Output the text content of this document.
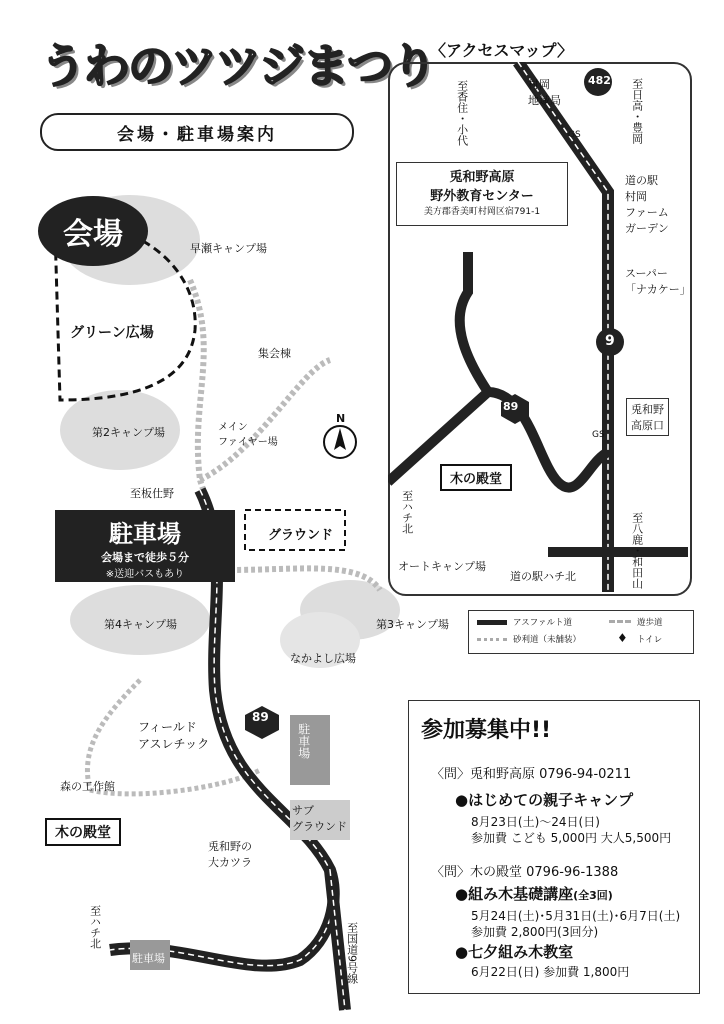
うわのツツジまつり
会場・駐車場案内
会場
グリーン広場
駐車場
会場まで徒歩５分
※送迎バスもあり
早瀬キャンプ場
集会棟
第2キャンプ場	メイン
ファイヤー場
至板仕野
グラウンド
オートキャンプ場
第4キャンプ場	第3キャンプ場
なかよし広場
フィールド
アスレチック
森の工作館
木の殿堂
兎和野の
大カツラ
駐車場
サブ
グラウンド
駐車場
至ハチ北	至国道9号線
89
N
〈アクセスマップ〉
至香住・小代	村岡
地域局
482 至日高・豊岡
GS
兎和野高原
野外教育センター
美方郡香美町村岡区宿791-1
道の駅
村岡
ファーム
ガーデン
スーパー
「ナカケー」
9
89	兎和野
高原口
GS
木の殿堂
至ハチ北	至八鹿・和田山
道の駅ハチ北
アスファルト道
砂利道（未舗装）
遊歩道
♦ トイレ
参加募集中!!
〈問〉兎和野高原 0796-94-0211
●はじめての親子キャンプ
8月23日(土)〜24日(日)
参加費 こども 5,000円 大人5,500円
〈問〉木の殿堂 0796-96-1388
●組み木基礎講座(全3回)
5月24日(土)･5月31日(土)･6月7日(土)
参加費 2,800円(3回分)
●七夕組み木教室
6月22日(日) 参加費 1,800円
